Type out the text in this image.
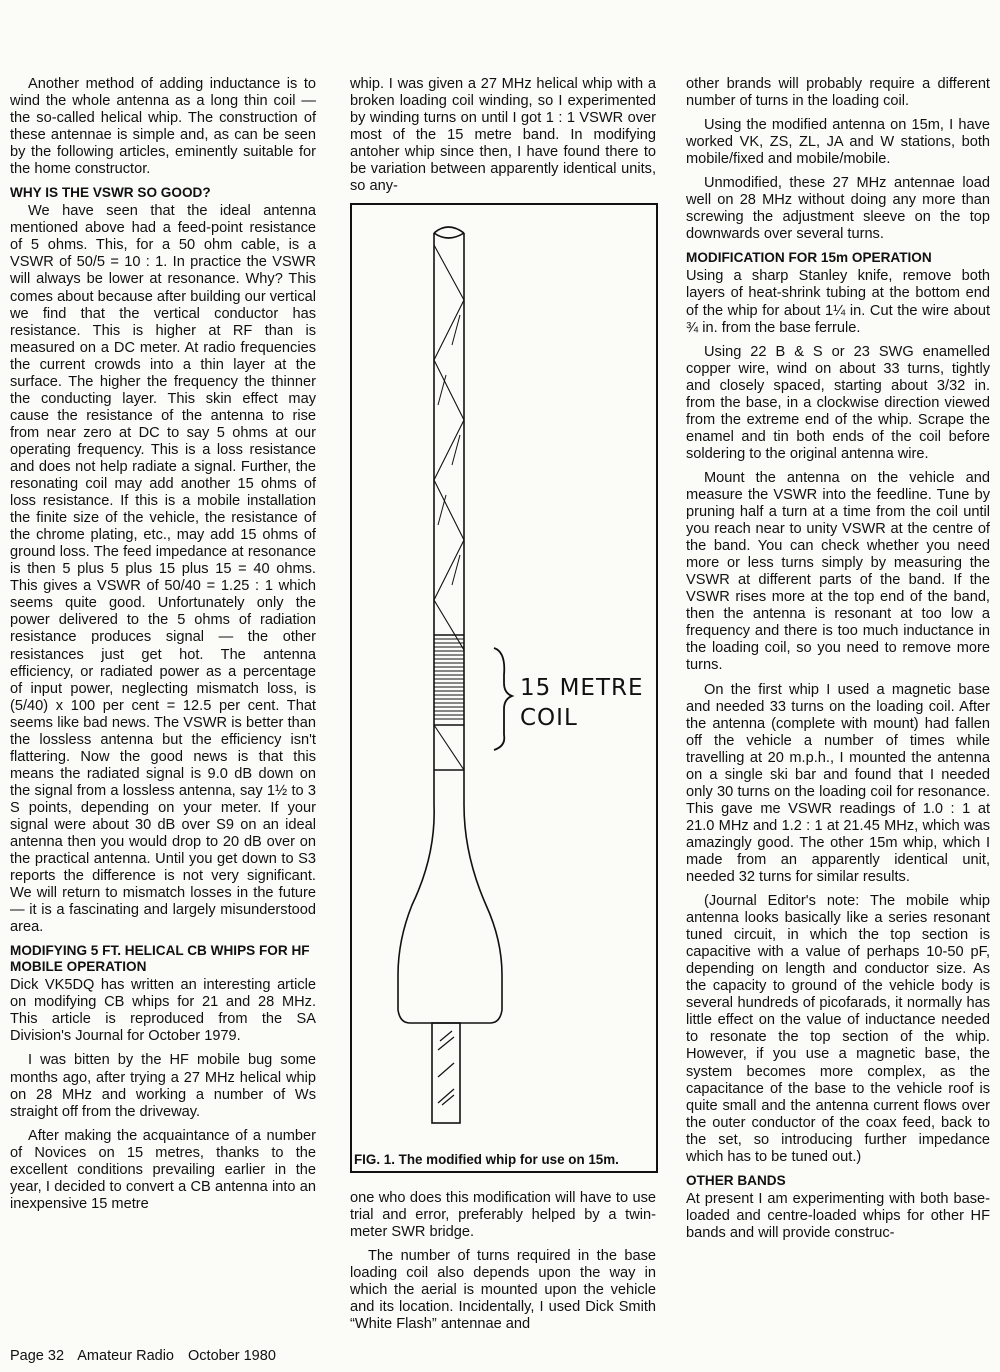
Another method of adding inductance is to wind the whole antenna as a long thin coil — the so-called helical whip. The construction of these antennae is simple and, as can be seen by the following articles, eminently suitable for the home constructor.

WHY IS THE VSWR SO GOOD?

We have seen that the ideal antenna mentioned above had a feed-point resistance of 5 ohms. This, for a 50 ohm cable, is a VSWR of 50/5 = 10 : 1. In practice the VSWR will always be lower at resonance. Why? This comes about because after building our vertical we find that the vertical conductor has resistance. This is higher at RF than is measured on a DC meter. At radio frequencies the current crowds into a thin layer at the surface. The higher the frequency the thinner the conducting layer. This skin effect may cause the resistance of the antenna to rise from near zero at DC to say 5 ohms at our operating frequency. This is a loss resistance and does not help radiate a signal. Further, the resonating coil may add another 15 ohms of loss resistance. If this is a mobile installation the finite size of the vehicle, the resistance of the chrome plating, etc., may add 15 ohms of ground loss. The feed impedance at resonance is then 5 plus 5 plus 15 plus 15 = 40 ohms. This gives a VSWR of 50/40 = 1.25 : 1 which seems quite good. Unfortunately only the power delivered to the 5 ohms of radiation resistance produces signal — the other resistances just get hot. The antenna efficiency, or radiated power as a percentage of input power, neglecting mismatch loss, is (5/40) x 100 per cent = 12.5 per cent. That seems like bad news. The VSWR is better than the lossless antenna but the efficiency isn't flattering. Now the good news is that this means the radiated signal is 9.0 dB down on the signal from a lossless antenna, say 1½ to 3 S points, depending on your meter. If your signal were about 30 dB over S9 on an ideal antenna then you would drop to 20 dB over on the practical antenna. Until you get down to S3 reports the difference is not very significant. We will return to mismatch losses in the future — it is a fascinating and largely misunderstood area.

MODIFYING 5 FT. HELICAL CB WHIPS FOR HF MOBILE OPERATION

Dick VK5DQ has written an interesting article on modifying CB whips for 21 and 28 MHz. This article is reproduced from the SA Division's Journal for October 1979.

I was bitten by the HF mobile bug some months ago, after trying a 27 MHz helical whip on 28 MHz and working a number of Ws straight off from the driveway.

After making the acquaintance of a number of Novices on 15 metres, thanks to the excellent conditions prevailing earlier in the year, I decided to convert a CB antenna into an inexpensive 15 metre

whip. I was given a 27 MHz helical whip with a broken loading coil winding, so I experimented by winding turns on until I got 1 : 1 VSWR over most of the 15 metre band. In modifying antoher whip since then, I have found there to be variation between apparently identical units, so any-

15 METRE
COIL
FIG. 1. The modified whip for use on 15m.

one who does this modification will have to use trial and error, preferably helped by a twin-meter SWR bridge.

The number of turns required in the base loading coil also depends upon the way in which the aerial is mounted upon the vehicle and its location. Incidentally, I used Dick Smith “White Flash” antennae and

other brands will probably require a different number of turns in the loading coil.

Using the modified antenna on 15m, I have worked VK, ZS, ZL, JA and W stations, both mobile/fixed and mobile/mobile.

Unmodified, these 27 MHz antennae load well on 28 MHz without doing any more than screwing the adjustment sleeve on the top downwards over several turns.

MODIFICATION FOR 15m OPERATION

Using a sharp Stanley knife, remove both layers of heat-shrink tubing at the bottom end of the whip for about 1¼ in. Cut the wire about ¾ in. from the base ferrule.

Using 22 B & S or 23 SWG enamelled copper wire, wind on about 33 turns, tightly and closely spaced, starting about 3/32 in. from the base, in a clockwise direction viewed from the extreme end of the whip. Scrape the enamel and tin both ends of the coil before soldering to the original antenna wire.

Mount the antenna on the vehicle and measure the VSWR into the feedline. Tune by pruning half a turn at a time from the coil until you reach near to unity VSWR at the centre of the band. You can check whether you need more or less turns simply by measuring the VSWR at different parts of the band. If the VSWR rises more at the top end of the band, then the antenna is resonant at too low a frequency and there is too much inductance in the loading coil, so you need to remove more turns.

On the first whip I used a magnetic base and needed 33 turns on the loading coil. After the antenna (complete with mount) had fallen off the vehicle a number of times while travelling at 20 m.p.h., I mounted the antenna on a single ski bar and found that I needed only 30 turns on the loading coil for resonance. This gave me VSWR readings of 1.0 : 1 at 21.0 MHz and 1.2 : 1 at 21.45 MHz, which was amazingly good. The other 15m whip, which I made from an apparently identical unit, needed 32 turns for similar results.

(Journal Editor's note: The mobile whip antenna looks basically like a series resonant tuned circuit, in which the top section is capacitive with a value of perhaps 10-50 pF, depending on length and conductor size. As the capacity to ground of the vehicle body is several hundreds of picofarads, it normally has little effect on the value of inductance needed to resonate the top section of the whip. However, if you use a magnetic base, the system becomes more complex, as the capacitance of the base to the vehicle roof is quite small and the antenna current flows over the outer conductor of the coax feed, back to the set, so introducing further impedance which has to be tuned out.)

OTHER BANDS

At present I am experimenting with both base-loaded and centre-loaded whips for other HF bands and will provide construc-

Page 32 Amateur Radio October 1980
